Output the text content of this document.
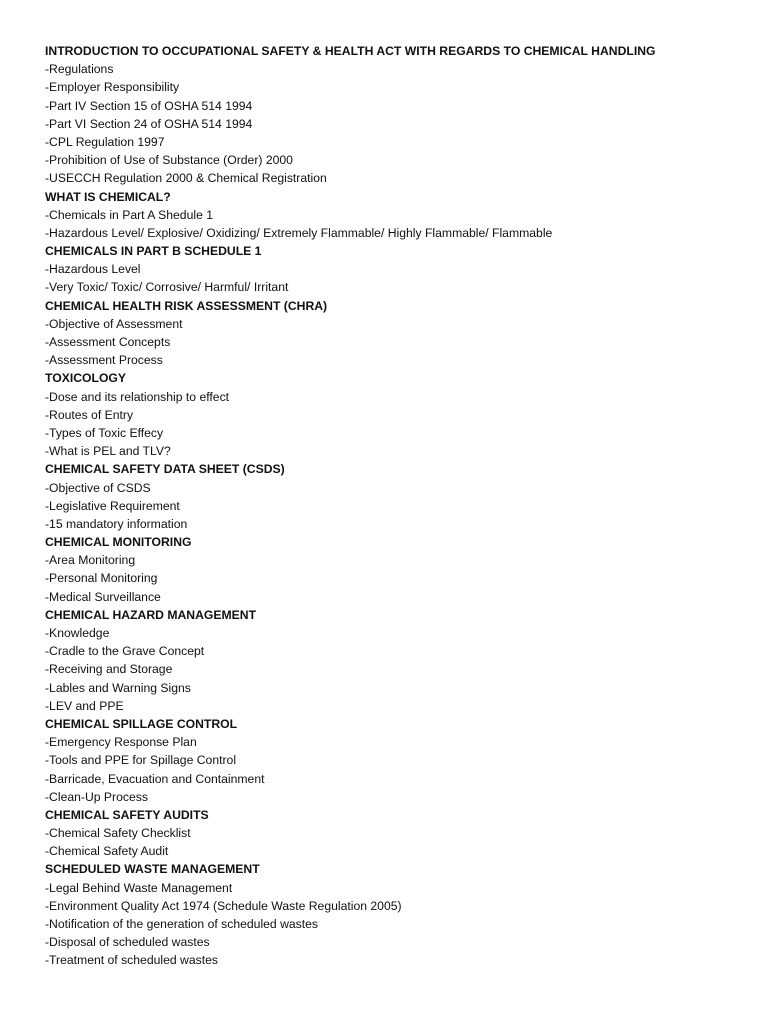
INTRODUCTION TO OCCUPATIONAL SAFETY & HEALTH ACT WITH REGARDS TO CHEMICAL HANDLING
-Regulations
-Employer Responsibility
-Part IV Section 15 of OSHA 514 1994
-Part VI Section 24 of OSHA 514 1994
-CPL Regulation 1997
-Prohibition of Use of Substance (Order) 2000
-USECCH Regulation 2000 & Chemical Registration
WHAT IS CHEMICAL?
-Chemicals in Part A Shedule 1
-Hazardous Level/ Explosive/ Oxidizing/ Extremely Flammable/ Highly Flammable/ Flammable
CHEMICALS IN PART B SCHEDULE 1
-Hazardous Level
-Very Toxic/ Toxic/ Corrosive/ Harmful/ Irritant
CHEMICAL HEALTH RISK ASSESSMENT (CHRA)
-Objective of Assessment
-Assessment Concepts
-Assessment Process
TOXICOLOGY
-Dose and its relationship to effect
-Routes of Entry
-Types of Toxic Effecy
-What is PEL and TLV?
CHEMICAL SAFETY DATA SHEET (CSDS)
-Objective of CSDS
-Legislative Requirement
-15 mandatory information
CHEMICAL MONITORING
-Area Monitoring
-Personal Monitoring
-Medical Surveillance
CHEMICAL HAZARD MANAGEMENT
-Knowledge
-Cradle to the Grave Concept
-Receiving and Storage
-Lables and Warning Signs
-LEV and PPE
CHEMICAL SPILLAGE CONTROL
-Emergency Response Plan
-Tools and PPE for Spillage Control
-Barricade, Evacuation and Containment
-Clean-Up Process
CHEMICAL SAFETY AUDITS
-Chemical Safety Checklist
-Chemical Safety Audit
SCHEDULED WASTE MANAGEMENT
-Legal Behind Waste Management
-Environment Quality Act 1974 (Schedule Waste Regulation 2005)
-Notification of the generation of scheduled wastes
-Disposal of scheduled wastes
-Treatment of scheduled wastes
